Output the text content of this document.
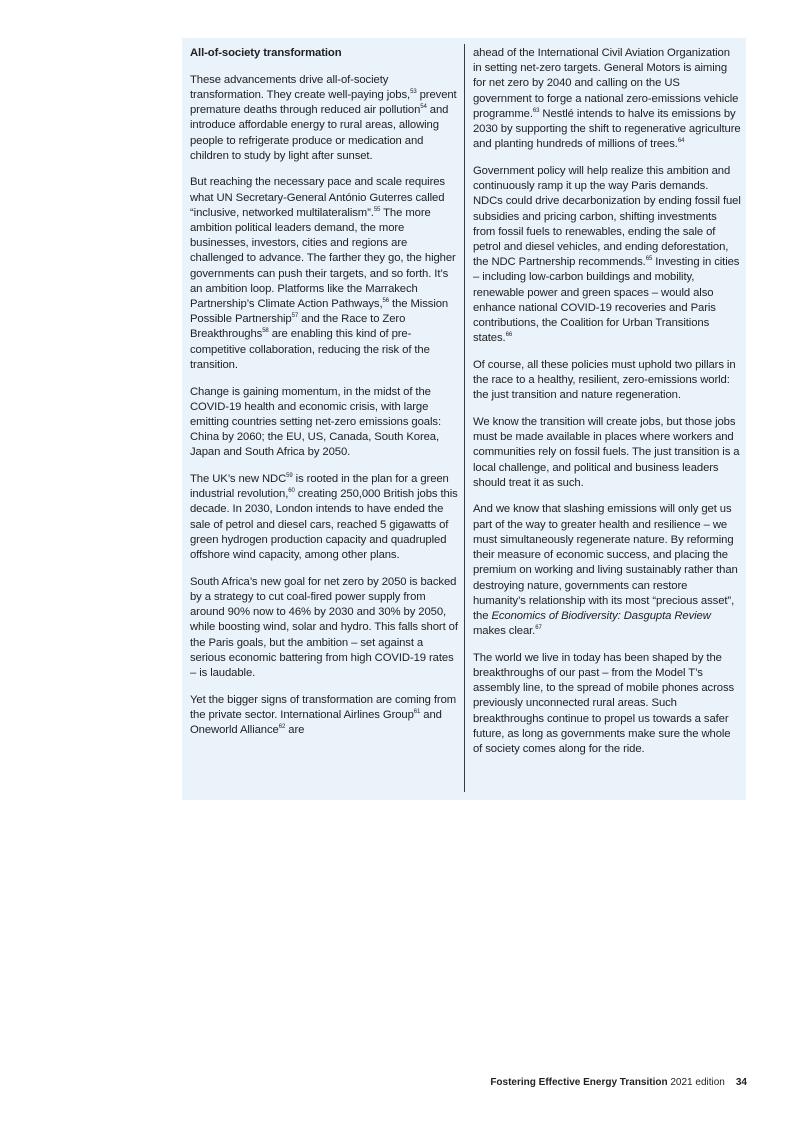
All-of-society transformation

These advancements drive all-of-society transformation. They create well-paying jobs,$^{53}$ prevent premature deaths through reduced air pollution$^{54}$ and introduce affordable energy to rural areas, allowing people to refrigerate produce or medication and children to study by light after sunset.

But reaching the necessary pace and scale requires what UN Secretary-General António Guterres called “inclusive, networked multilateralism”.$^{55}$ The more ambition political leaders demand, the more businesses, investors, cities and regions are challenged to advance. The farther they go, the higher governments can push their targets, and so forth. It’s an ambition loop. Platforms like the Marrakech Partnership’s Climate Action Pathways,$^{56}$ the Mission Possible Partnership$^{57}$ and the Race to Zero Breakthroughs$^{58}$ are enabling this kind of pre-competitive collaboration, reducing the risk of the transition.

Change is gaining momentum, in the midst of the COVID-19 health and economic crisis, with large emitting countries setting net-zero emissions goals: China by 2060; the EU, US, Canada, South Korea, Japan and South Africa by 2050.

The UK’s new NDC$^{59}$ is rooted in the plan for a green industrial revolution,$^{60}$ creating 250,000 British jobs this decade. In 2030, London intends to have ended the sale of petrol and diesel cars, reached 5 gigawatts of green hydrogen production capacity and quadrupled offshore wind capacity, among other plans.

South Africa’s new goal for net zero by 2050 is backed by a strategy to cut coal-fired power supply from around 90% now to 46% by 2030 and 30% by 2050, while boosting wind, solar and hydro. This falls short of the Paris goals, but the ambition – set against a serious economic battering from high COVID-19 rates – is laudable.

Yet the bigger signs of transformation are coming from the private sector. International Airlines Group$^{61}$ and Oneworld Alliance$^{62}$ are

ahead of the International Civil Aviation Organization in setting net-zero targets. General Motors is aiming for net zero by 2040 and calling on the US government to forge a national zero-emissions vehicle programme.$^{63}$ Nestlé intends to halve its emissions by 2030 by supporting the shift to regenerative agriculture and planting hundreds of millions of trees.$^{64}$

Government policy will help realize this ambition and continuously ramp it up the way Paris demands. NDCs could drive decarbonization by ending fossil fuel subsidies and pricing carbon, shifting investments from fossil fuels to renewables, ending the sale of petrol and diesel vehicles, and ending deforestation, the NDC Partnership recommends.$^{65}$ Investing in cities – including low-carbon buildings and mobility, renewable power and green spaces – would also enhance national COVID-19 recoveries and Paris contributions, the Coalition for Urban Transitions states.$^{66}$

Of course, all these policies must uphold two pillars in the race to a healthy, resilient, zero-emissions world: the just transition and nature regeneration.

We know the transition will create jobs, but those jobs must be made available in places where workers and communities rely on fossil fuels. The just transition is a local challenge, and political and business leaders should treat it as such.

And we know that slashing emissions will only get us part of the way to greater health and resilience – we must simultaneously regenerate nature. By reforming their measure of economic success, and placing the premium on working and living sustainably rather than destroying nature, governments can restore humanity’s relationship with its most “precious asset”, the Economics of Biodiversity: Dasgupta Review makes clear.$^{67}$

The world we live in today has been shaped by the breakthroughs of our past – from the Model T’s assembly line, to the spread of mobile phones across previously unconnected rural areas. Such breakthroughs continue to propel us towards a safer future, as long as governments make sure the whole of society comes along for the ride.

Fostering Effective Energy Transition 2021 edition 34
